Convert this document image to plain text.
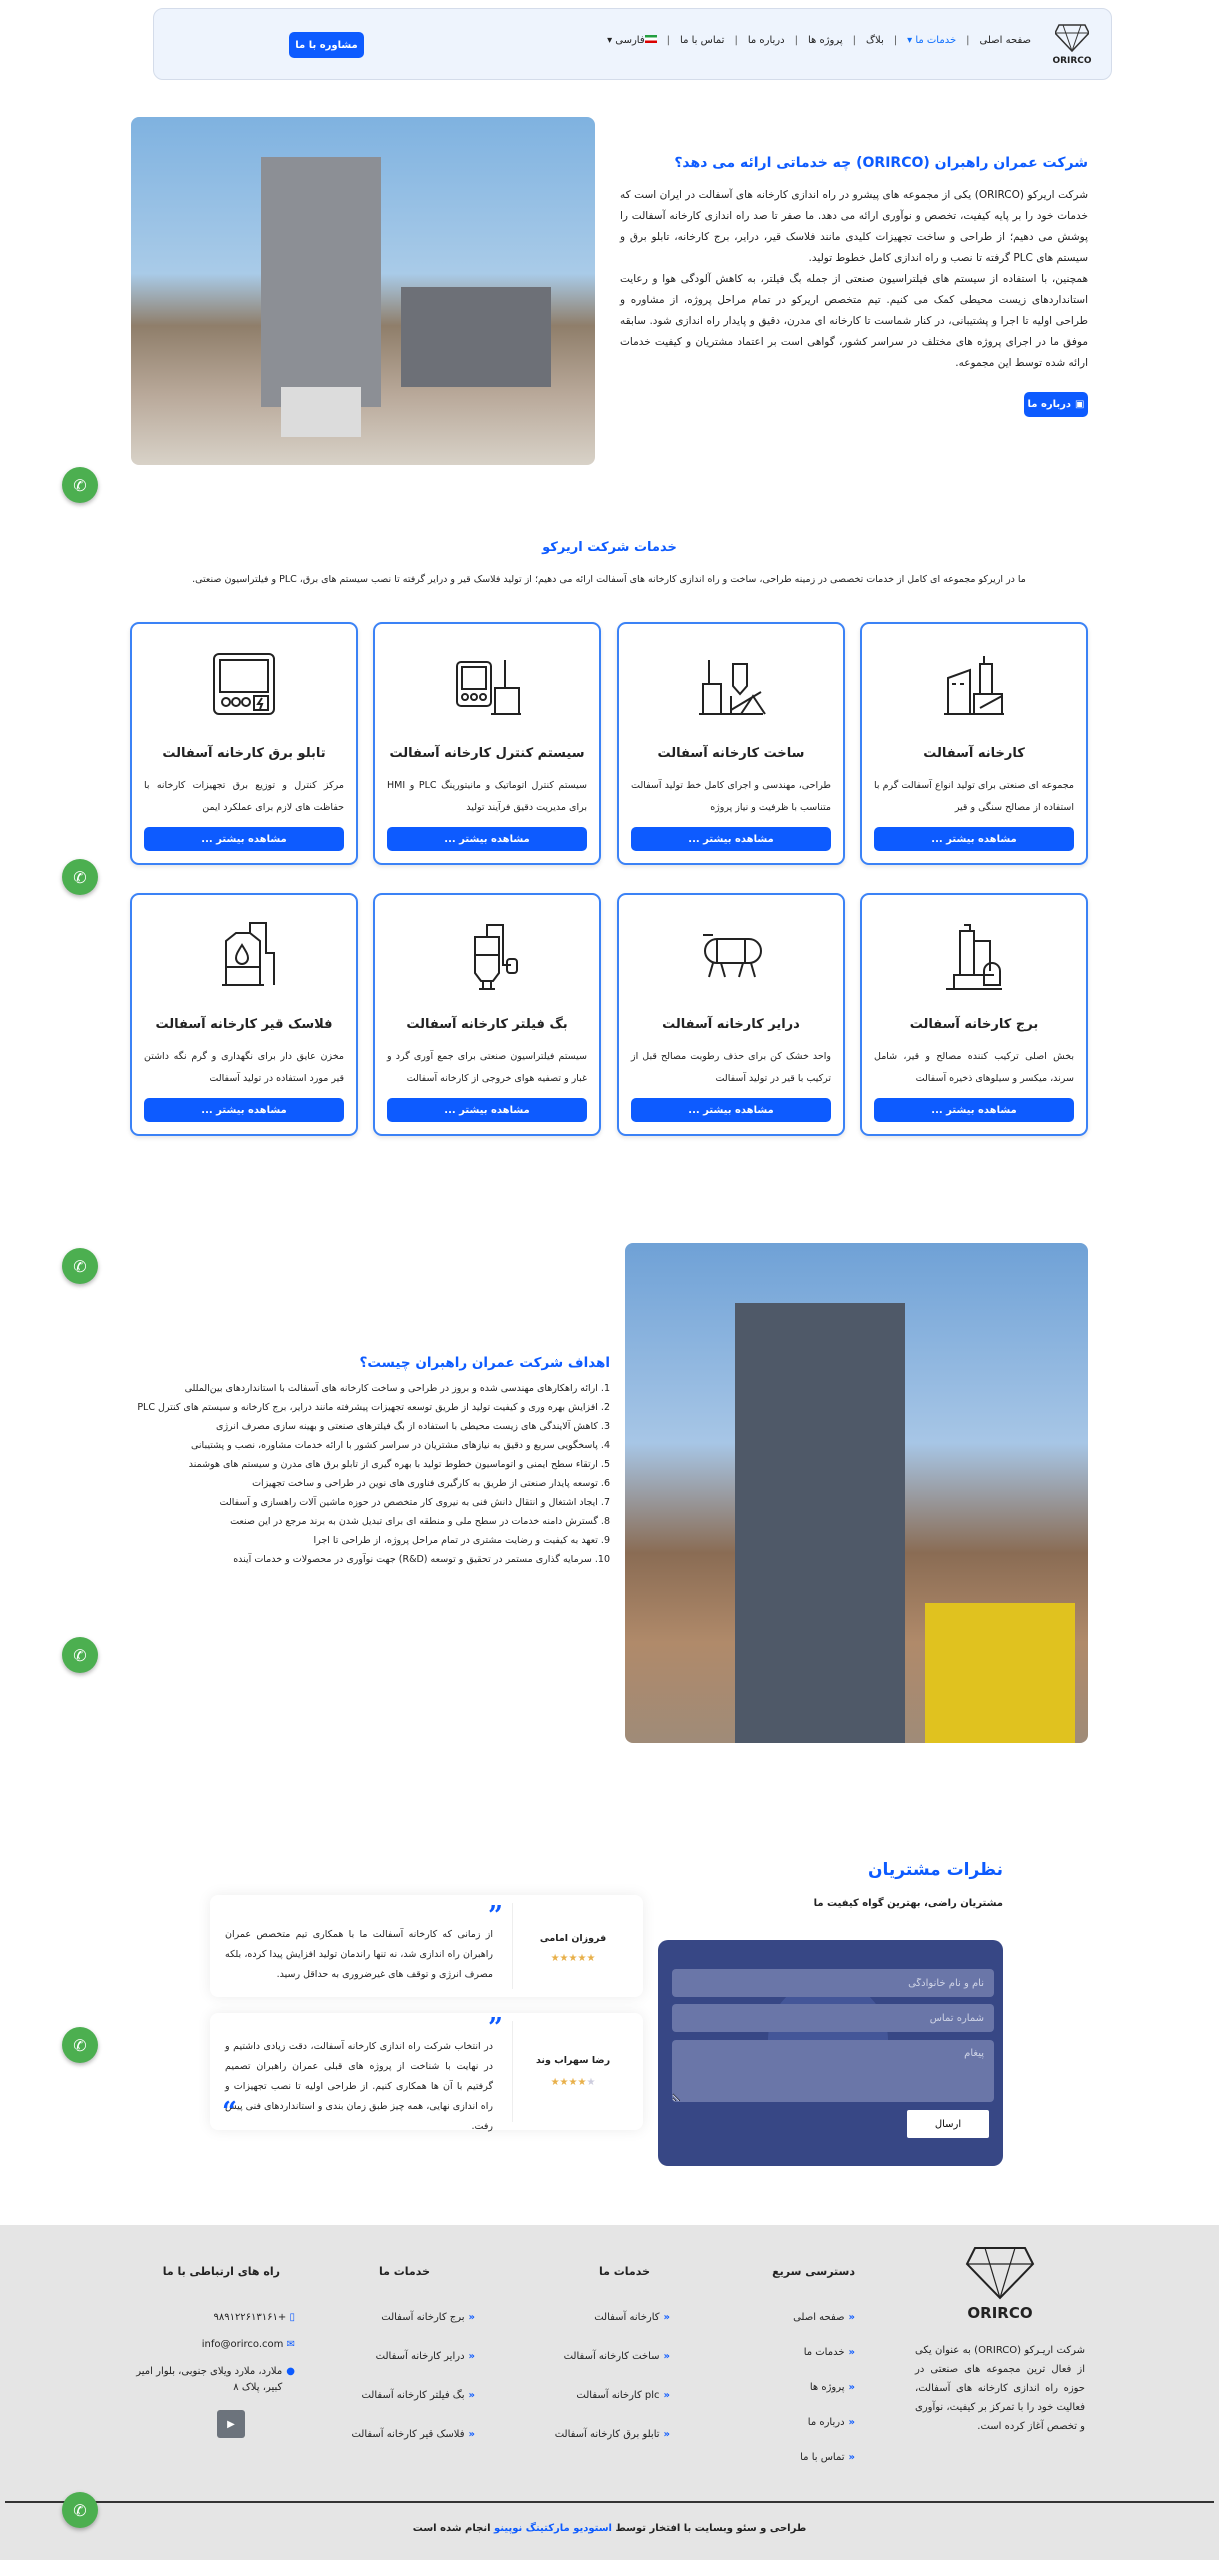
ORIRCO
صفحه اصلی
|
خدمات ما ▾
|
بلاگ
|
پروژه ها
|
درباره ما
|
تماس با ما
|
فارسی ▾
مشاوره با ما
شرکت عمران راهبران (ORIRCO) چه خدماتی ارائه می دهد؟

شرکت اریرکو (ORIRCO) یکی از مجموعه های پیشرو در راه اندازی کارخانه های آسفالت در ایران است که خدمات خود را بر پایه کیفیت، تخصص و نوآوری ارائه می دهد. ما صفر تا صد راه اندازی کارخانه آسفالت را پوشش می دهیم؛ از طراحی و ساخت تجهیزات کلیدی مانند فلاسک قیر، درایر، برج کارخانه، تابلو برق و سیستم های PLC گرفته تا نصب و راه اندازی کامل خطوط تولید.

همچنین، با استفاده از سیستم های فیلتراسیون صنعتی از جمله بگ فیلتر، به کاهش آلودگی هوا و رعایت استانداردهای زیست محیطی کمک می کنیم. تیم متخصص اریرکو در تمام مراحل پروژه، از مشاوره و طراحی اولیه تا اجرا و پشتیبانی، در کنار شماست تا کارخانه ای مدرن، دقیق و پایدار راه اندازی شود. سابقه موفق ما در اجرای پروژه های مختلف در سراسر کشور، گواهی است بر اعتماد مشتریان و کیفیت خدمات ارائه شده توسط این مجموعه.

▣
درباره ما
✆
✆
✆
✆
✆
✆
خدمات شرکت اریرکو

ما در اریرکو مجموعه ای کامل از خدمات تخصصی در زمینه طراحی، ساخت و راه اندازی کارخانه های آسفالت ارائه می دهیم؛ از تولید فلاسک قیر و درایر گرفته تا نصب سیستم های برق، PLC و فیلتراسیون صنعتی.

کارخانه آسفالت

مجموعه ای صنعتی برای تولید انواع آسفالت گرم با استفاده از مصالح سنگی و قیر

مشاهده بیشتر ...
ساخت کارخانه آسفالت

طراحی، مهندسی و اجرای کامل خط تولید آسفالت متناسب با ظرفیت و نیاز پروژه

مشاهده بیشتر ...
سیستم کنترل کارخانه آسفالت

سیستم کنترل اتوماتیک و مانیتورینگ PLC و HMI برای مدیریت دقیق فرآیند تولید

مشاهده بیشتر ...
تابلو برق کارخانه آسفالت

مرکز کنترل و توزیع برق تجهیزات کارخانه با حفاظت های لازم برای عملکرد ایمن

مشاهده بیشتر ...
برج کارخانه آسفالت

بخش اصلی ترکیب کننده مصالح و قیر، شامل سرند، میکسر و سیلوهای ذخیره آسفالت

مشاهده بیشتر ...
درایر کارخانه آسفالت

واحد خشک کن برای حذف رطوبت مصالح قبل از ترکیب با قیر در تولید آسفالت

مشاهده بیشتر ...
بگ فیلتر کارخانه آسفالت

سیستم فیلتراسیون صنعتی برای جمع آوری گرد و غبار و تصفیه هوای خروجی از کارخانه آسفالت

مشاهده بیشتر ...
فلاسک قیر کارخانه آسفالت

مخزن عایق دار برای نگهداری و گرم نگه داشتن قیر مورد استفاده در تولید آسفالت

مشاهده بیشتر ...
اهداف شرکت عمران راهبران چیست؟
1. ارائه راهکارهای مهندسی شده و بروز در طراحی و ساخت کارخانه های آسفالت با استانداردهای بین‌المللی
2. افزایش بهره وری و کیفیت تولید از طریق توسعه تجهیزات پیشرفته مانند درایر، برج کارخانه و سیستم های کنترل PLC
3. کاهش آلایندگی های زیست محیطی با استفاده از بگ فیلترهای صنعتی و بهینه سازی مصرف انرژی
4. پاسخگویی سریع و دقیق به نیازهای مشتریان در سراسر کشور با ارائه خدمات مشاوره، نصب و پشتیبانی
5. ارتقاء سطح ایمنی و اتوماسیون خطوط تولید با بهره گیری از تابلو برق های مدرن و سیستم های هوشمند
6. توسعه پایدار صنعتی از طریق به کارگیری فناوری های نوین در طراحی و ساخت تجهیزات
7. ایجاد اشتغال و انتقال دانش فنی به نیروی کار متخصص در حوزه ماشین آلات راهسازی و آسفالت
8. گسترش دامنه خدمات در سطح ملی و منطقه ای برای تبدیل شدن به برند مرجع در این صنعت
9. تعهد به کیفیت و رضایت مشتری در تمام مراحل پروژه، از طراحی تا اجرا
10. سرمایه گذاری مستمر در تحقیق و توسعه (R&D) جهت نوآوری در محصولات و خدمات آینده
نظرات مشتریان

مشتریان راضی، بهترین گواه کیفیت ما

فروزان امامی
★★★★★
”
از زمانی که کارخانه آسفالت ما با همکاری تیم متخصص عمران راهبران راه اندازی شد، نه تنها راندمان تولید افزایش پیدا کرده، بلکه مصرف انرژی و توقف های غیرضروری به حداقل رسید.
رضا سهراب وند
★★★★★
”
در انتخاب شرکت راه اندازی کارخانه آسفالت، دقت زیادی داشتیم و در نهایت با شناخت از پروژه های قبلی عمران راهبران تصمیم گرفتیم با آن ها همکاری کنیم. از طراحی اولیه تا نصب تجهیزات و راه اندازی نهایی، همه چیز طبق زمان بندی و استانداردهای فنی پیش رفت.
“
نام و نام خانوادگی
شماره تماس
پیغام	ارسال
ORIRCO

شرکت اریـرکو (ORIRCO) به عنوان یکی از فعال ترین مجموعه های صنعتی در حوزه راه اندازی کارخانه های آسفالت، فعالیت خود را با تمرکز بر کیفیت، نوآوری و تخصص آغاز کرده است.

دسترسی سریع
«صفحه اصلی
«خدمات ما
«پروژه ها
«درباره ما
«تماس با ما
خدمات ما
«کارخانه آسفالت
«ساخت کارخانه آسفالت
«plc کارخانه آسفالت
«تابلو برق کارخانه آسفالت
خدمات ما
«برج کارخانه آسفالت
«درایر کارخانه آسفالت
«بگ فیلتر کارخانه آسفالت
«فلاسک قیر کارخانه آسفالت
راه های ارتباطی با ما
▯ +۹۸۹۱۲۲۶۱۳۱۶۱
✉ info@orirco.com
●
ملارد، ملارد ویلای جنوبی، بلوار امیر کبیر، پلاک ۸
▶

طراحی و سئو وبسایت با افتخار توسط استودیو مارکتینگ نوپینو انجام شده است
